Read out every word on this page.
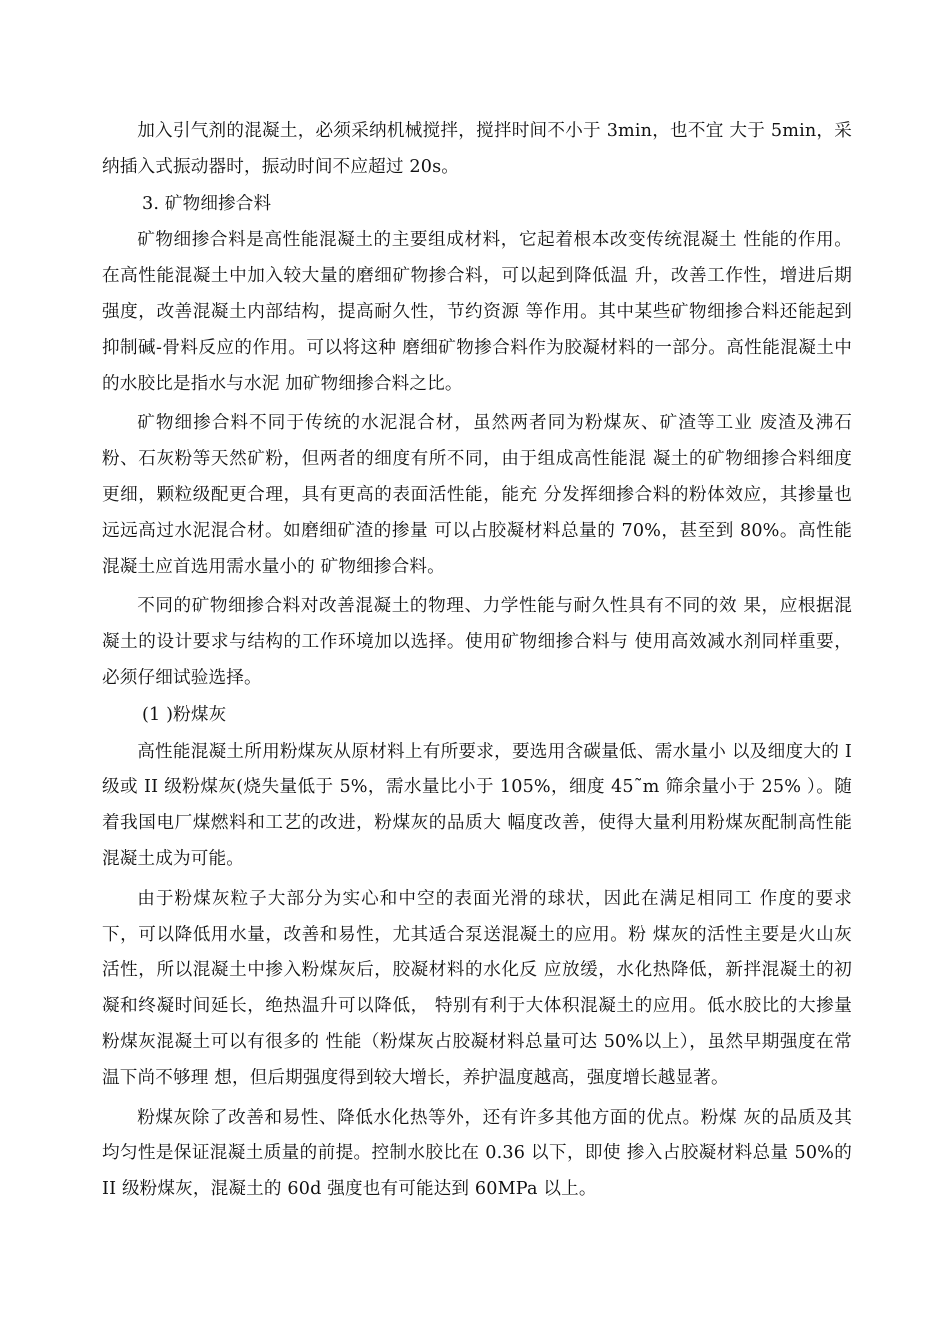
加入引气剂的混凝土，必须采纳机械搅拌，搅拌时间不小于 3min，也不宜 大于 5min，采纳插入式振动器时，振动时间不应超过 20s。

3. 矿物细掺合料

矿物细掺合料是高性能混凝土的主要组成材料，它起着根本改变传统混凝土 性能的作用。在高性能混凝土中加入较大量的磨细矿物掺合料，可以起到降低温 升，改善工作性，增进后期强度，改善混凝土内部结构，提高耐久性，节约资源 等作用。其中某些矿物细掺合料还能起到抑制碱-骨料反应的作用。可以将这种 磨细矿物掺合料作为胶凝材料的一部分。高性能混凝土中的水胶比是指水与水泥 加矿物细掺合料之比。

矿物细掺合料不同于传统的水泥混合材，虽然两者同为粉煤灰、矿渣等工业 废渣及沸石粉、石灰粉等天然矿粉，但两者的细度有所不同，由于组成高性能混 凝土的矿物细掺合料细度更细，颗粒级配更合理，具有更高的表面活性能，能充 分发挥细掺合料的粉体效应，其掺量也远远高过水泥混合材。如磨细矿渣的掺量 可以占胶凝材料总量的 70%，甚至到 80%。高性能混凝土应首选用需水量小的 矿物细掺合料。

不同的矿物细掺合料对改善混凝土的物理、力学性能与耐久性具有不同的效 果，应根据混凝土的设计要求与结构的工作环境加以选择。使用矿物细掺合料与 使用高效减水剂同样重要，必须仔细试验选择。

(1 )粉煤灰

高性能混凝土所用粉煤灰从原材料上有所要求，要选用含碳量低、需水量小 以及细度大的 I 级或 II 级粉煤灰(烧失量低于 5%，需水量比小于 105%，细度 45˜m 筛余量小于 25% ）。随着我国电厂煤燃料和工艺的改进，粉煤灰的品质大 幅度改善，使得大量利用粉煤灰配制高性能混凝土成为可能。

由于粉煤灰粒子大部分为实心和中空的表面光滑的球状，因此在满足相同工 作度的要求下，可以降低用水量，改善和易性，尤其适合泵送混凝土的应用。粉 煤灰的活性主要是火山灰活性，所以混凝土中掺入粉煤灰后，胶凝材料的水化反 应放缓，水化热降低，新拌混凝土的初凝和终凝时间延长，绝热温升可以降低， 特别有利于大体积混凝土的应用。低水胶比的大掺量粉煤灰混凝土可以有很多的 性能（粉煤灰占胶凝材料总量可达 50%以上），虽然早期强度在常温下尚不够理 想，但后期强度得到较大增长，养护温度越高，强度增长越显著。

粉煤灰除了改善和易性、降低水化热等外，还有许多其他方面的优点。粉煤 灰的品质及其均匀性是保证混凝土质量的前提。控制水胶比在 0.36 以下，即使 掺入占胶凝材料总量 50%的 II 级粉煤灰，混凝土的 60d 强度也有可能达到 60MPa 以上。
